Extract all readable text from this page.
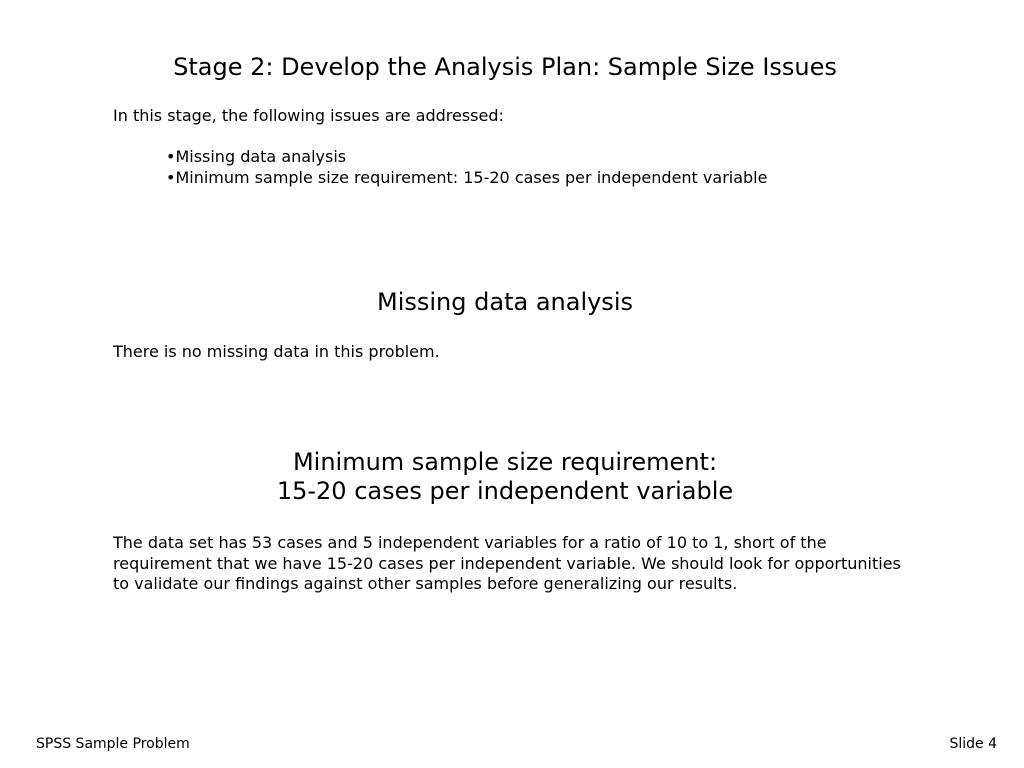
Stage 2: Develop the Analysis Plan: Sample Size Issues
In this stage, the following issues are addressed:
• Missing data analysis
• Minimum sample size requirement: 15-20 cases per independent variable
Missing data analysis
There is no missing data in this problem.
Minimum sample size requirement:
15-20 cases per independent variable
The data set has 53 cases and 5 independent variables for a ratio of 10 to 1, short of the requirement that we have 15-20 cases per independent variable. We should look for opportunities to validate our findings against other samples before generalizing our results.
SPSS Sample Problem	Slide 4
